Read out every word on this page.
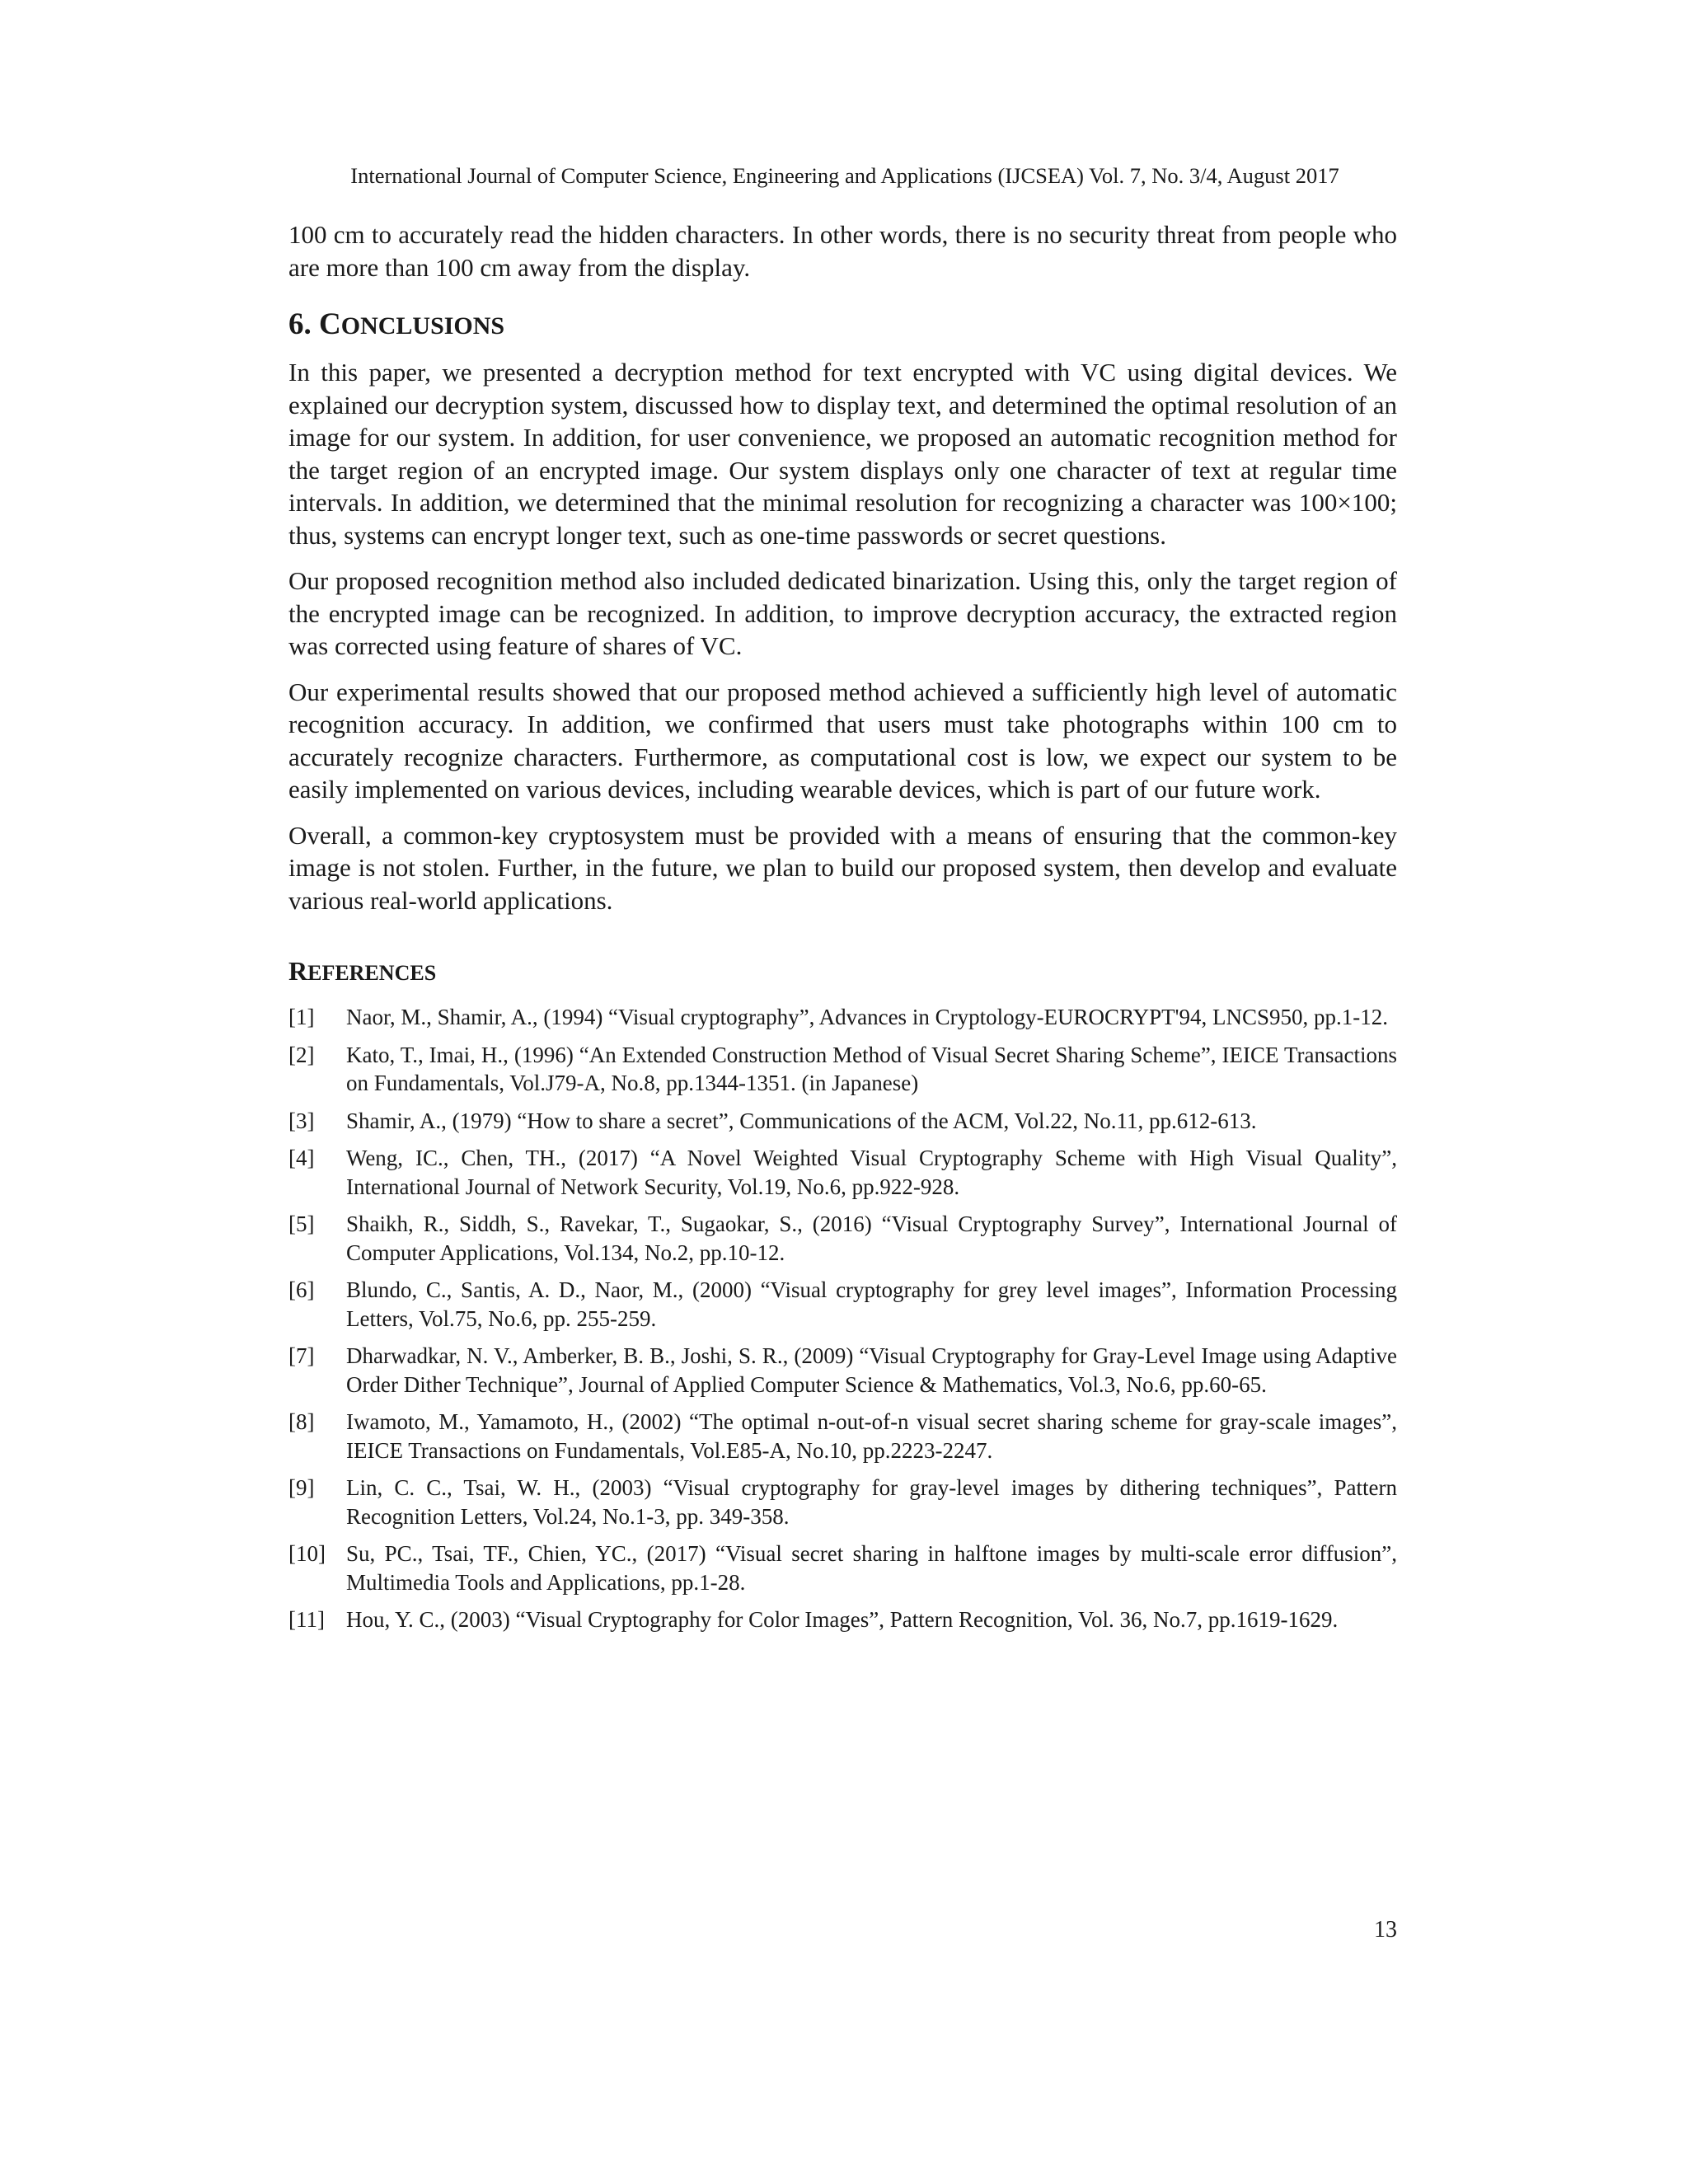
International Journal of Computer Science, Engineering and Applications (IJCSEA) Vol. 7, No. 3/4, August 2017

100 cm to accurately read the hidden characters. In other words, there is no security threat from people who are more than 100 cm away from the display.

6. CONCLUSIONS

In this paper, we presented a decryption method for text encrypted with VC using digital devices. We explained our decryption system, discussed how to display text, and determined the optimal resolution of an image for our system. In addition, for user convenience, we proposed an automatic recognition method for the target region of an encrypted image. Our system displays only one character of text at regular time intervals. In addition, we determined that the minimal resolution for recognizing a character was 100×100; thus, systems can encrypt longer text, such as one-time passwords or secret questions.

Our proposed recognition method also included dedicated binarization. Using this, only the target region of the encrypted image can be recognized. In addition, to improve decryption accuracy, the extracted region was corrected using feature of shares of VC.

Our experimental results showed that our proposed method achieved a sufficiently high level of automatic recognition accuracy. In addition, we confirmed that users must take photographs within 100 cm to accurately recognize characters. Furthermore, as computational cost is low, we expect our system to be easily implemented on various devices, including wearable devices, which is part of our future work.

Overall, a common-key cryptosystem must be provided with a means of ensuring that the common-key image is not stolen. Further, in the future, we plan to build our proposed system, then develop and evaluate various real-world applications.

REFERENCES
[1] Naor, M., Shamir, A., (1994) “Visual cryptography”, Advances in Cryptology-EUROCRYPT'94, LNCS950, pp.1-12.
[2] Kato, T., Imai, H., (1996) “An Extended Construction Method of Visual Secret Sharing Scheme”, IEICE Transactions on Fundamentals, Vol.J79-A, No.8, pp.1344-1351. (in Japanese)
[3] Shamir, A., (1979) “How to share a secret”, Communications of the ACM, Vol.22, No.11, pp.612-613.
[4] Weng, IC., Chen, TH., (2017) “A Novel Weighted Visual Cryptography Scheme with High Visual Quality”, International Journal of Network Security, Vol.19, No.6, pp.922-928.
[5] Shaikh, R., Siddh, S., Ravekar, T., Sugaokar, S., (2016) “Visual Cryptography Survey”, International Journal of Computer Applications, Vol.134, No.2, pp.10-12.
[6] Blundo, C., Santis, A. D., Naor, M., (2000) “Visual cryptography for grey level images”, Information Processing Letters, Vol.75, No.6, pp. 255-259.
[7] Dharwadkar, N. V., Amberker, B. B., Joshi, S. R., (2009) “Visual Cryptography for Gray-Level Image using Adaptive Order Dither Technique”, Journal of Applied Computer Science & Mathematics, Vol.3, No.6, pp.60-65.
[8] Iwamoto, M., Yamamoto, H., (2002) “The optimal n-out-of-n visual secret sharing scheme for gray-scale images”, IEICE Transactions on Fundamentals, Vol.E85-A, No.10, pp.2223-2247.
[9] Lin, C. C., Tsai, W. H., (2003) “Visual cryptography for gray-level images by dithering techniques”, Pattern Recognition Letters, Vol.24, No.1-3, pp. 349-358.
[10] Su, PC., Tsai, TF., Chien, YC., (2017) “Visual secret sharing in halftone images by multi-scale error diffusion”, Multimedia Tools and Applications, pp.1-28.
[11] Hou, Y. C., (2003) “Visual Cryptography for Color Images”, Pattern Recognition, Vol. 36, No.7, pp.1619-1629.
13
